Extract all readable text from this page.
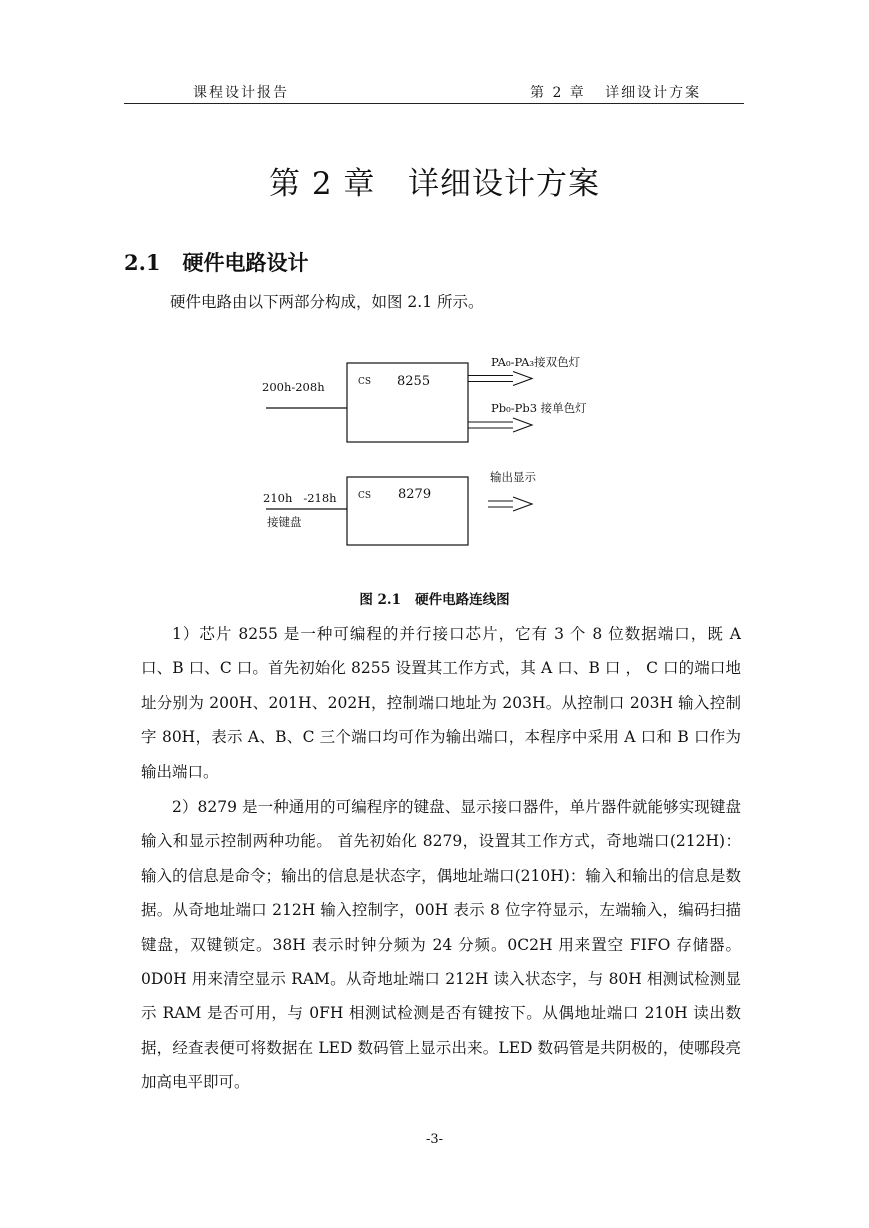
课程设计报告	第 2 章   详细设计方案
第 2 章   详细设计方案
2.1   硬件电路设计
硬件电路由以下两部分构成，如图 2.1 所示。
CS 8255
200h-208h
PA₀-PA₃接双色灯
Pb₀-Pb3 接单色灯
CS 8279
210h   -218h
接键盘
输出显示
图 2.1   硬件电路连线图

1）芯片 8255 是一种可编程的并行接口芯片，它有 3 个 8 位数据端口，既 A 口、B 口、C 口。首先初始化 8255 设置其工作方式，其 A 口、B 口 ， C 口的端口地址分别为 200H、201H、202H，控制端口地址为 203H。从控制口 203H 输入控制字 80H，表示 A、B、C 三个端口均可作为输出端口，本程序中采用 A 口和 B 口作为输出端口。

2）8279 是一种通用的可编程序的键盘、显示接口器件，单片器件就能够实现键盘输入和显示控制两种功能。 首先初始化 8279，设置其工作方式，奇地端口(212H)：输入的信息是命令；输出的信息是状态字，偶地址端口(210H)：输入和输出的信息是数据。从奇地址端口 212H 输入控制字，00H 表示 8 位字符显示，左端输入，编码扫描键盘，双键锁定。38H 表示时钟分频为 24 分频。0C2H 用来置空 FIFO 存储器。0D0H 用来清空显示 RAM。从奇地址端口 212H 读入状态字，与 80H 相测试检测显示 RAM 是否可用，与 0FH 相测试检测是否有键按下。从偶地址端口 210H 读出数据，经查表便可将数据在 LED 数码管上显示出来。LED 数码管是共阴极的，使哪段亮加高电平即可。

-3-
